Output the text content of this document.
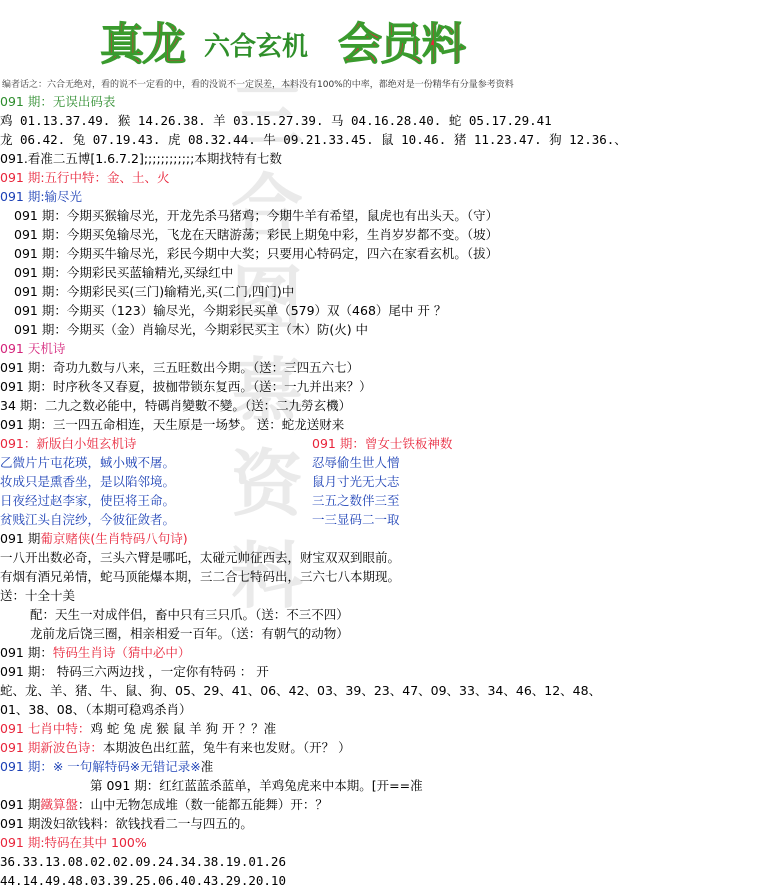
真龙 六合玄机 会员料
三
合
图
慕
资
料
编者话之：六合无绝对，看的说不一定看的中，看的没说不一定误差，本料没有100%的中率，都绝对是一份精华有分量参考资料
091 期：无误出码表
鸡 01.13.37.49. 猴 14.26.38. 羊 03.15.27.39. 马 04.16.28.40. 蛇 05.17.29.41
龙 06.42. 兔 07.19.43. 虎 08.32.44. 牛 09.21.33.45. 鼠 10.46. 猪 11.23.47. 狗 12.36.、
091.看准二五博[1.6.7.2];;;;;;;;;;;;本期找特有七数
091 期:五行中特：金、土、火
091 期:输尽光
091 期：今期买猴输尽光，开龙先杀马猪鸡；今期牛羊有希望，鼠虎也有出头天。（守）
091 期：今期买兔输尽光，飞龙在天瞎游荡；彩民上期兔中彩，生肖岁岁都不变。（坡）
091 期：今期买牛输尽光，彩民今期中大奖；只要用心特码定，四六在家看玄机。（拔）
091 期：今期彩民买蓝输精光,买绿红中
091 期：今期彩民买(三门)输精光,买(二门,四门)中
091 期：今期买（123）输尽光，今期彩民买单（579）双（468）尾中 开 ？
091 期：今期买（金）肖输尽光，今期彩民买主（木）防(火) 中
091 天机诗
091 期：奇功九数与八来，三五旺数出今期。（送：三四五六七）
091 期：时序秋冬又春夏，披枷带锁东复西。（送：一九并出来？）
34 期：二九之数必能中，特碼肖變數不變。（送：二九勞玄機）
091 期：三一四五命相连，天生原是一场梦。 送：蛇龙送财来
091：新版白小姐玄机诗	091 期：曾女士铁板神数
乙微片片屯花瑛，蜮小贼不屠。	忍辱偷生世人憎
妆成只是熏香坐，是以陷邻境。	鼠月寸光无大志
日夜经过赵李家，使臣将王命。	三五之数伴三至
贫贱江头自浣纱，今彼征敛者。	一三显码二一取
091 期葡京赌侠(生肖特码八句诗)
一八开出数必奇，三头六臂是哪吒，太碰元帅征西去，财宝双双到眼前。
有烟有酒兄弟情，蛇马顶能爆本期，三二合七特码出，三六七八本期现。
送：十全十美
配：天生一对成伴侣，畜中只有三只爪。（送：不三不四）
龙前龙后饶三圈，相亲相爱一百年。（送：有朝气的动物）
091 期：特码生肖诗（猜中必中）
091 期： 特码三六两边找 ，一定你有特码 ： 开
蛇、龙、羊、猪、牛、鼠、狗、05、29、41、06、42、03、39、23、47、09、33、34、46、12、48、
01、38、08、（本期可稳鸡杀肖）
091 七肖中特：鸡 蛇 兔 虎 猴 鼠 羊 狗 开 ？？准
091 期新波色诗：本期波色出红蓝，兔牛有来也发财。（开？ ）
091 期：※ 一句解特码※无错记录※准
第 091 期：红红蓝蓝杀蓝单，羊鸡兔虎来中本期。[开==准
091 期鐵算盤：山中无物怎成堆（数一能都五能舞）开：？
091 期泼妇欲钱料：欲钱找看二一与四五的。
091 期:特码在其中 100%
36.33.13.08.02.02.09.24.34.38.19.01.26
44.14.49.48.03.39.25.06.40.43.29.20.10
